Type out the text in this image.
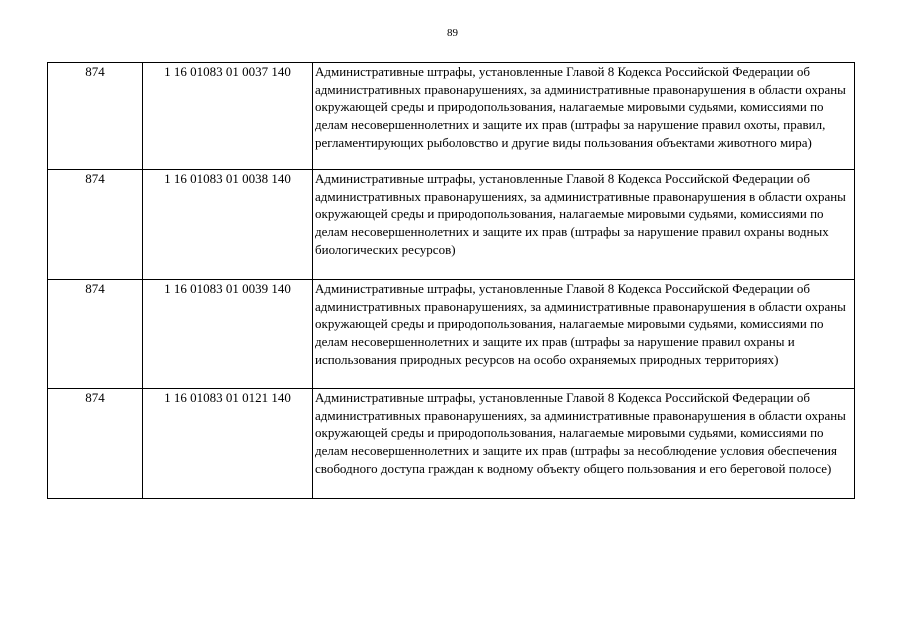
89
874	1 16 01083 01 0037 140	Административные штрафы, установленные Главой 8 Кодекса Российской Федерации об административных правонарушениях, за административные правонарушения в области охраны окружающей среды и природопользования, налагаемые мировыми судьями, комиссиями по делам несовершеннолетних и защите их прав (штрафы за нарушение правил охоты, правил, регламентирующих рыболовство и другие виды пользования объектами животного мира)
874	1 16 01083 01 0038 140	Административные штрафы, установленные Главой 8 Кодекса Российской Федерации об административных правонарушениях, за административные правонарушения в области охраны окружающей среды и природопользования, налагаемые мировыми судьями, комиссиями по делам несовершеннолетних и защите их прав (штрафы за нарушение правил охраны водных биологических ресурсов)
874	1 16 01083 01 0039 140	Административные штрафы, установленные Главой 8 Кодекса Российской Федерации об административных правонарушениях, за административные правонарушения в области охраны окружающей среды и природопользования, налагаемые мировыми судьями, комиссиями по делам несовершеннолетних и защите их прав (штрафы за нарушение правил охраны и использования природных ресурсов на особо охраняемых природных территориях)
874	1 16 01083 01 0121 140	Административные штрафы, установленные Главой 8 Кодекса Российской Федерации об административных правонарушениях, за административные правонарушения в области охраны окружающей среды и природопользования, налагаемые мировыми судьями, комиссиями по делам несовершеннолетних и защите их прав (штрафы за несоблюдение условия обеспечения свободного доступа граждан к водному объекту общего пользования и его береговой полосе)
